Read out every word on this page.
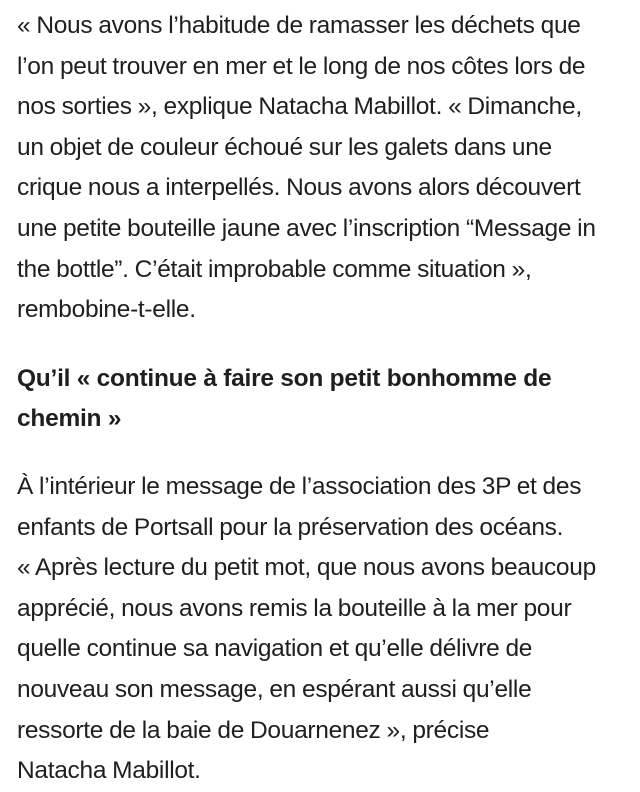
« Nous avons l’habitude de ramasser les déchets que
l’on peut trouver en mer et le long de nos côtes lors de
nos sorties », explique Natacha Mabillot. « Dimanche,
un objet de couleur échoué sur les galets dans une
crique nous a interpellés. Nous avons alors découvert
une petite bouteille jaune avec l’inscription “Message in
the bottle”. C’était improbable comme situation »,
rembobine-t-elle.

Qu’il « continue à faire son petit bonhomme de
chemin »

À l’intérieur le message de l’association des 3P et des
enfants de Portsall pour la préservation des océans.
« Après lecture du petit mot, que nous avons beaucoup
apprécié, nous avons remis la bouteille à la mer pour
quelle continue sa navigation et qu’elle délivre de
nouveau son message, en espérant aussi qu’elle
ressorte de la baie de Douarnenez », précise
Natacha Mabillot.
